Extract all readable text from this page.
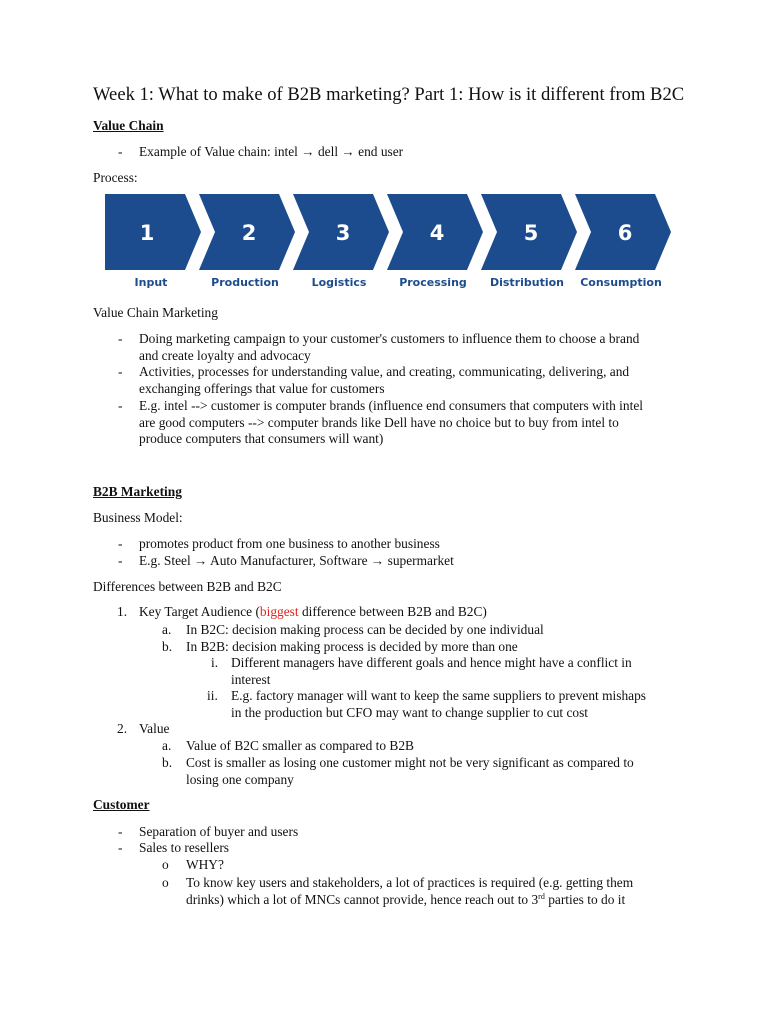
Week 1: What to make of B2B marketing? Part 1: How is it different from B2C

Value Chain

- Example of Value chain: intel → dell → end user

Process:

1
Input
2
Production
3
Logistics
4
Processing
5
Distribution
6
Consumption

Value Chain Marketing

- Doing marketing campaign to your customer's customers to influence them to choose a brand
and create loyalty and advocacy
- Activities, processes for understanding value, and creating, communicating, delivering, and
exchanging offerings that value for customers
- E.g. intel --> customer is computer brands (influence end consumers that computers with intel
are good computers --> computer brands like Dell have no choice but to buy from intel to
produce computers that consumers will want)

B2B Marketing

Business Model:

- promotes product from one business to another business
- E.g. Steel → Auto Manufacturer, Software → supermarket

Differences between B2B and B2C

1. Key Target Audience (biggest difference between B2B and B2C)
a. In B2C: decision making process can be decided by one individual
b. In B2B: decision making process is decided by more than one
i. Different managers have different goals and hence might have a conflict in
interest
ii. E.g. factory manager will want to keep the same suppliers to prevent mishaps
in the production but CFO may want to change supplier to cut cost
2. Value
a. Value of B2C smaller as compared to B2B
b. Cost is smaller as losing one customer might not be very significant as compared to
losing one company

Customer

- Separation of buyer and users
- Sales to resellers
o WHY?
o To know key users and stakeholders, a lot of practices is required (e.g. getting them
drinks) which a lot of MNCs cannot provide, hence reach out to 3rd parties to do it
